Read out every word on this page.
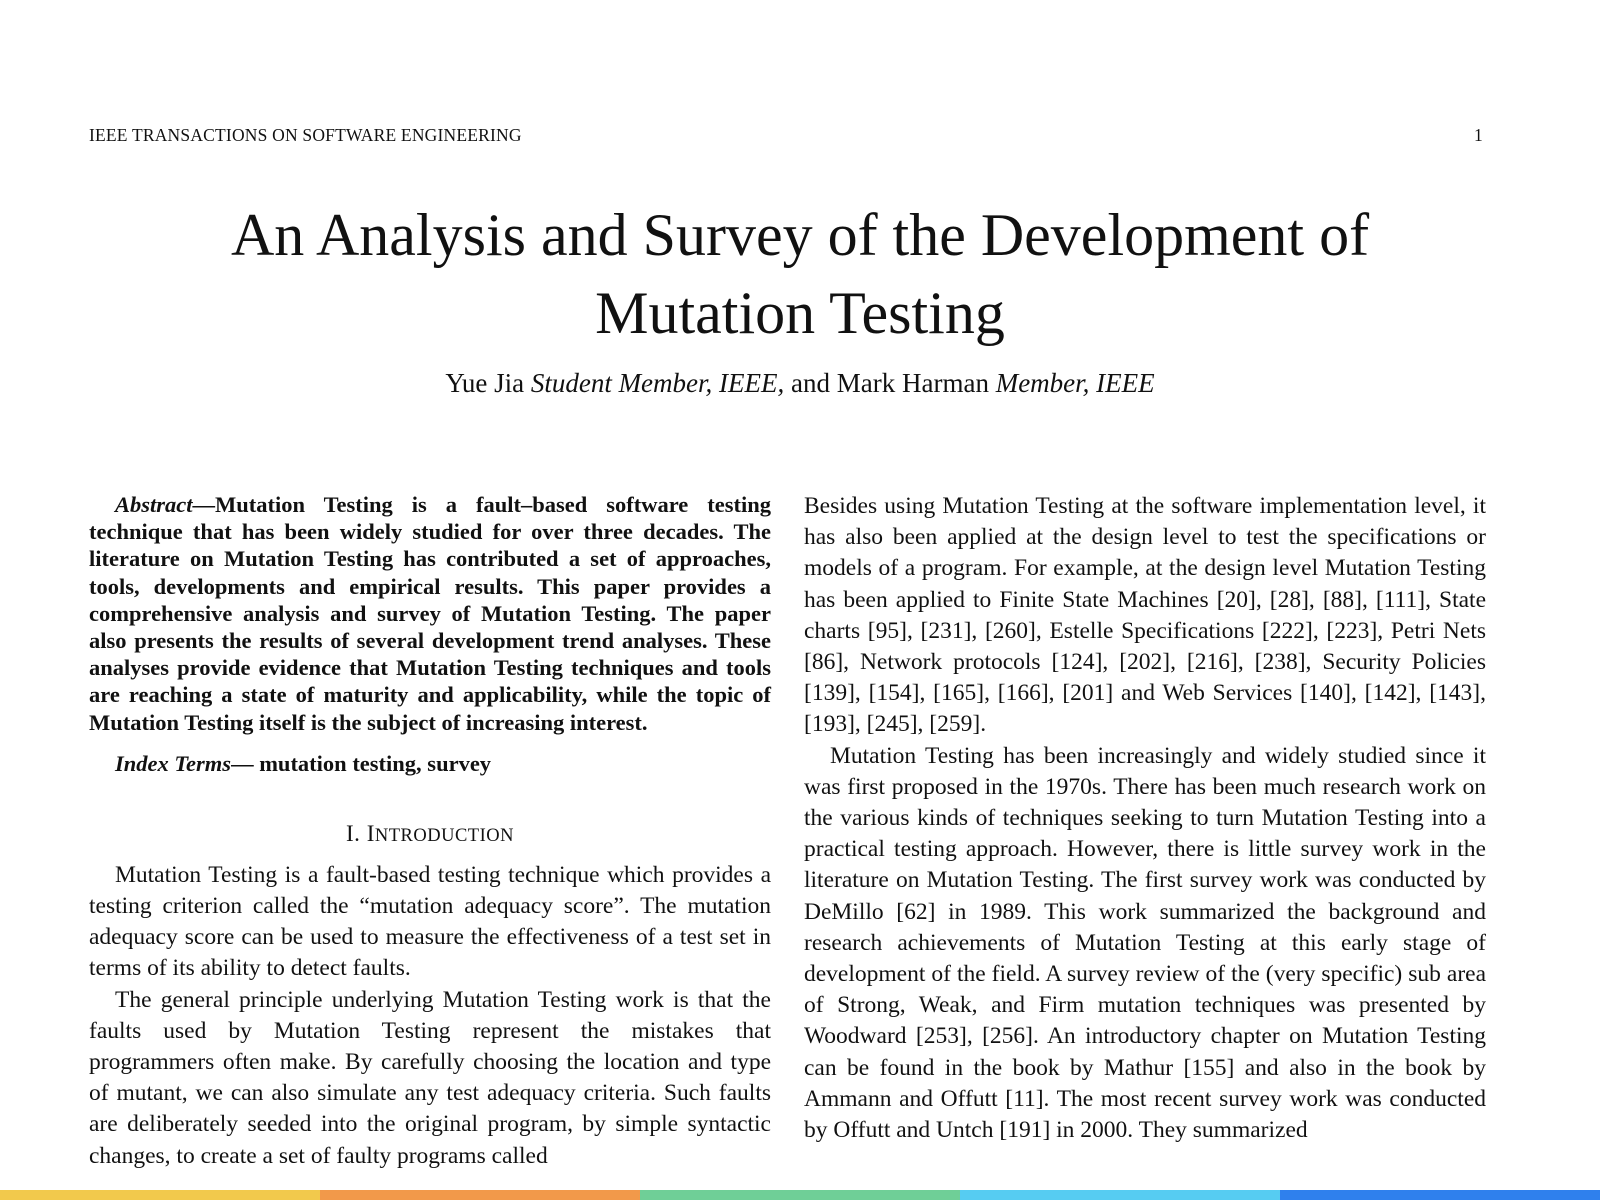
IEEE TRANSACTIONS ON SOFTWARE ENGINEERING	1
An Analysis and Survey of the Development of
Mutation Testing
Yue Jia Student Member, IEEE, and Mark Harman Member, IEEE

Abstract—Mutation Testing is a fault–based software testing technique that has been widely studied for over three decades. The literature on Mutation Testing has contributed a set of approaches, tools, developments and empirical results. This paper provides a comprehensive analysis and survey of Mutation Testing. The paper also presents the results of several development trend analyses. These analyses provide evidence that Mutation Testing techniques and tools are reaching a state of maturity and applicability, while the topic of Mutation Testing itself is the subject of increasing interest.

Index Terms— mutation testing, survey

I. INTRODUCTION

Mutation Testing is a fault-based testing technique which provides a testing criterion called the “mutation adequacy score”. The mutation adequacy score can be used to measure the effectiveness of a test set in terms of its ability to detect faults.

The general principle underlying Mutation Testing work is that the faults used by Mutation Testing represent the mistakes that programmers often make. By carefully choosing the location and type of mutant, we can also simulate any test adequacy criteria. Such faults are deliberately seeded into the original program, by simple syntactic changes, to create a set of faulty programs called

Besides using Mutation Testing at the software implementation level, it has also been applied at the design level to test the specifications or models of a program. For example, at the design level Mutation Testing has been applied to Finite State Machines [20], [28], [88], [111], State charts [95], [231], [260], Estelle Specifications [222], [223], Petri Nets [86], Network protocols [124], [202], [216], [238], Security Policies [139], [154], [165], [166], [201] and Web Services [140], [142], [143], [193], [245], [259].

Mutation Testing has been increasingly and widely studied since it was first proposed in the 1970s. There has been much research work on the various kinds of techniques seeking to turn Mutation Testing into a practical testing approach. However, there is little survey work in the literature on Mutation Testing. The first survey work was conducted by DeMillo [62] in 1989. This work summarized the background and research achievements of Mutation Testing at this early stage of development of the field. A survey review of the (very specific) sub area of Strong, Weak, and Firm mutation techniques was presented by Woodward [253], [256]. An introductory chapter on Mutation Testing can be found in the book by Mathur [155] and also in the book by Ammann and Offutt [11]. The most recent survey work was conducted by Offutt and Untch [191] in 2000. They summarized
